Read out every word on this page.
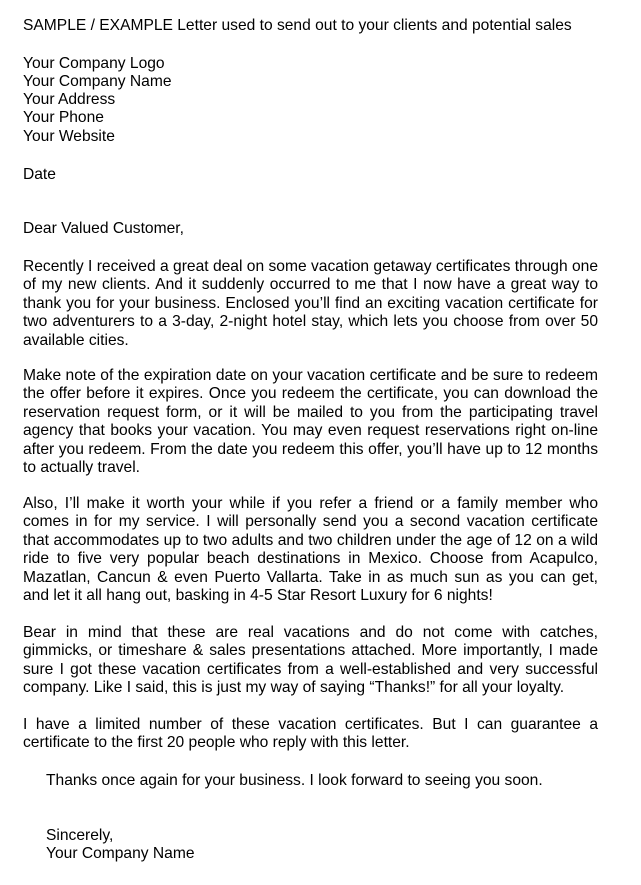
SAMPLE / EXAMPLE Letter used to send out to your clients and potential sales
Your Company Logo
Your Company Name
Your Address
Your Phone
Your Website
Date
Dear Valued Customer,
Recently I received a great deal on some vacation getaway certificates through one of my new clients. And it suddenly occurred to me that I now have a great way to thank you for your business. Enclosed you’ll find an exciting vacation certificate for two adventurers to a 3-day, 2-night hotel stay, which lets you choose from over 50 available cities.
Make note of the expiration date on your vacation certificate and be sure to redeem the offer before it expires. Once you redeem the certificate, you can download the reservation request form, or it will be mailed to you from the participating travel agency that books your vacation. You may even request reservations right on-line after you redeem. From the date you redeem this offer, you’ll have up to 12 months to actually travel.
Also, I’ll make it worth your while if you refer a friend or a family member who comes in for my service. I will personally send you a second vacation certificate that accommodates up to two adults and two children under the age of 12 on a wild ride to five very popular beach destinations in Mexico. Choose from Acapulco, Mazatlan, Cancun & even Puerto Vallarta. Take in as much sun as you can get, and let it all hang out, basking in 4-5 Star Resort Luxury for 6 nights!
Bear in mind that these are real vacations and do not come with catches, gimmicks, or timeshare & sales presentations attached. More importantly, I made sure I got these vacation certificates from a well-established and very successful company. Like I said, this is just my way of saying “Thanks!” for all your loyalty.
I have a limited number of these vacation certificates. But I can guarantee a certificate to the first 20 people who reply with this letter.
Thanks once again for your business. I look forward to seeing you soon.
Sincerely,
Your Company Name
